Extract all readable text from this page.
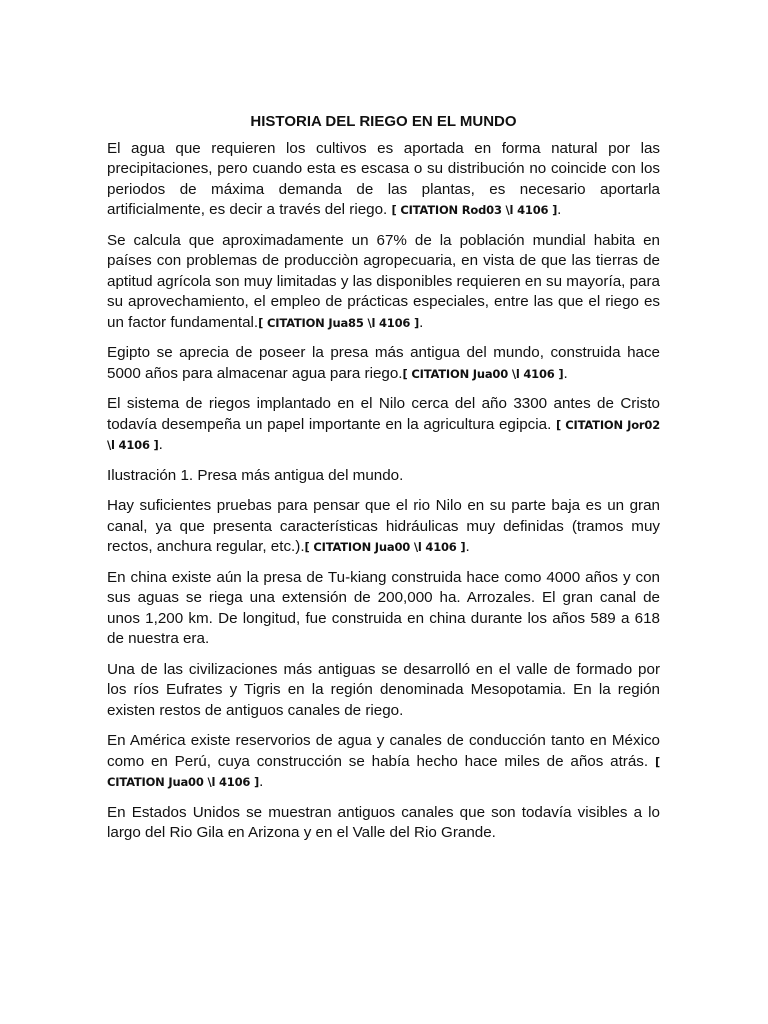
HISTORIA DEL RIEGO EN EL MUNDO

El agua que requieren los cultivos es aportada en forma natural por las precipitaciones, pero cuando esta es escasa o su distribución no coincide con los periodos de máxima demanda de las plantas, es necesario aportarla artificialmente, es decir a través del riego. [ CITATION Rod03 \l 4106 ].

Se calcula que aproximadamente un 67% de la población mundial habita en países con problemas de producciòn agropecuaria, en vista de que las tierras de aptitud agrícola son muy limitadas y las disponibles requieren en su mayoría, para su aprovechamiento, el empleo de prácticas especiales, entre las que el riego es un factor fundamental.[ CITATION Jua85 \l 4106 ].

Egipto se aprecia de poseer la presa más antigua del mundo, construida hace 5000 años para almacenar agua para riego.[ CITATION Jua00 \l 4106 ].

El sistema de riegos implantado en el Nilo cerca del año 3300 antes de Cristo todavía desempeña un papel importante en la agricultura egipcia. [ CITATION Jor02 \l 4106 ].

Ilustración 1. Presa más antigua del mundo.

Hay suficientes pruebas para pensar que el rio Nilo en su parte baja es un gran canal, ya que presenta características hidráulicas muy definidas (tramos muy rectos, anchura regular, etc.).[ CITATION Jua00 \l 4106 ].

En china existe aún la presa de Tu-kiang construida hace como 4000 años y con sus aguas se riega una extensión de 200,000 ha. Arrozales. El gran canal de unos 1,200 km. De longitud, fue construida en china durante los años 589 a 618 de nuestra era.

Una de las civilizaciones más antiguas se desarrolló en el valle de formado por los ríos Eufrates y Tigris en la región denominada Mesopotamia. En la región existen restos de antiguos canales de riego.

En América existe reservorios de agua y canales de conducción tanto en México como en Perú, cuya construcción se había hecho hace miles de años atrás. [ CITATION Jua00 \l 4106 ].

En Estados Unidos se muestran antiguos canales que son todavía visibles a lo largo del Rio Gila en Arizona y en el Valle del Rio Grande.
